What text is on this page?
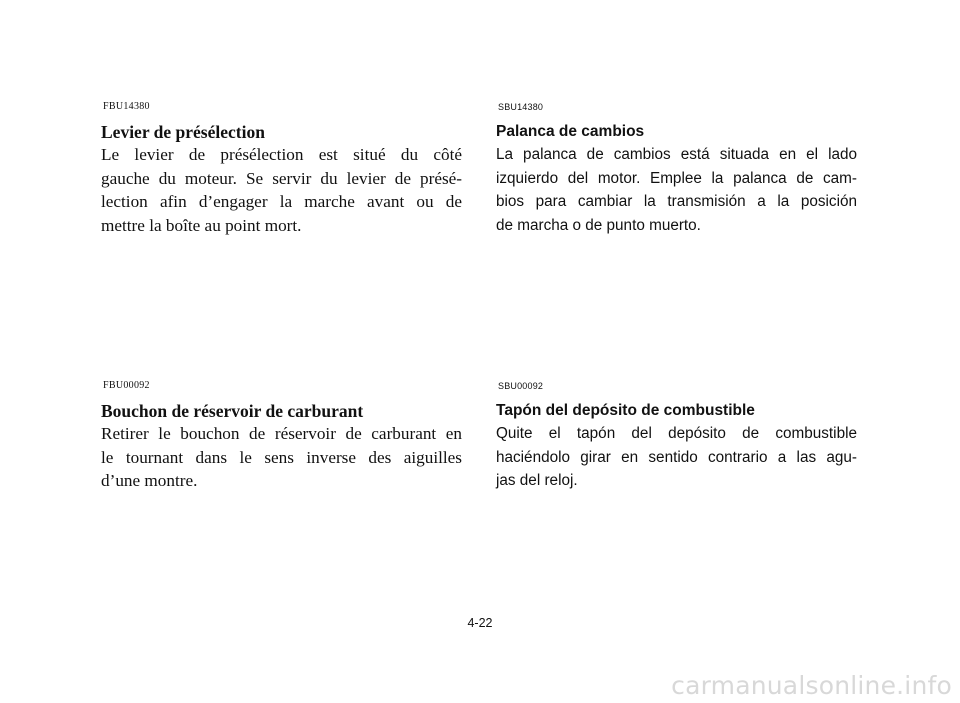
FBU14380
Levier de présélection
Le levier de présélection est situé du côté
gauche du moteur. Se servir du levier de présé-
lection afin d’engager la marche avant ou de
mettre la boîte au point mort.
FBU00092
Bouchon de réservoir de carburant
Retirer le bouchon de réservoir de carburant en
le tournant dans le sens inverse des aiguilles
d’une montre.
SBU14380
Palanca de cambios
La palanca de cambios está situada en el lado
izquierdo del motor. Emplee la palanca de cam-
bios para cambiar la transmisión a la posición
de marcha o de punto muerto.
SBU00092
Tapón del depósito de combustible
Quite el tapón del depósito de combustible
haciéndolo girar en sentido contrario a las agu-
jas del reloj.
4-22
carmanualsonline.info
